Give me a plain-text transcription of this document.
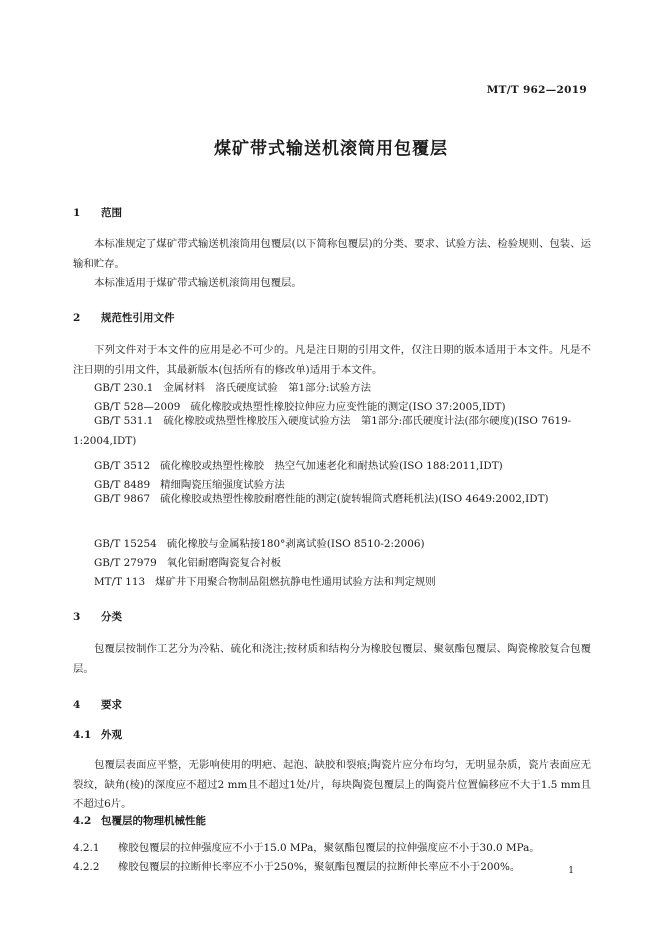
MT/T 962—2019
煤矿带式输送机滚筒用包覆层
1 范围
本标准规定了煤矿带式输送机滚筒用包覆层(以下简称包覆层)的分类、要求、试验方法、检验规则、包装、运输和贮存。
本标准适用于煤矿带式输送机滚筒用包覆层。
2 规范性引用文件
下列文件对于本文件的应用是必不可少的。凡是注日期的引用文件，仅注日期的版本适用于本文件。凡是不注日期的引用文件，其最新版本(包括所有的修改单)适用于本文件。
GB/T 230.1 金属材料　洛氏硬度试验　第1部分:试验方法
GB/T 528—2009 硫化橡胶或热塑性橡胶拉伸应力应变性能的测定(ISO 37:2005,IDT)
GB/T 531.1 硫化橡胶或热塑性橡胶压入硬度试验方法　第1部分:邵氏硬度计法(邵尔硬度)(ISO 7619-1:2004,IDT)
GB/T 3512 硫化橡胶或热塑性橡胶　热空气加速老化和耐热试验(ISO 188:2011,IDT)
GB/T 8489 精细陶瓷压缩强度试验方法
GB/T 9867 硫化橡胶或热塑性橡胶耐磨性能的测定(旋转辊筒式磨耗机法)(ISO 4649:2002,IDT)
GB/T 15254 硫化橡胶与金属粘接180°剥离试验(ISO 8510-2:2006)
GB/T 27979 氧化铝耐磨陶瓷复合衬板
MT/T 113 煤矿井下用聚合物制品阻燃抗静电性通用试验方法和判定规则
3 分类
包覆层按制作工艺分为冷粘、硫化和浇注;按材质和结构分为橡胶包覆层、聚氨酯包覆层、陶瓷橡胶复合包覆层。
4 要求
4.1 外观
包覆层表面应平整，无影响使用的明疤、起泡、缺胶和裂痕;陶瓷片应分布均匀，无明显杂质，瓷片表面应无裂纹，缺角(棱)的深度应不超过2 mm且不超过1处/片，每块陶瓷包覆层上的陶瓷片位置偏移应不大于1.5 mm且不超过6片。
4.2 包覆层的物理机械性能
4.2.1 橡胶包覆层的拉伸强度应不小于15.0 MPa，聚氨酯包覆层的拉伸强度应不小于30.0 MPa。
4.2.2 橡胶包覆层的拉断伸长率应不小于250%，聚氨酯包覆层的拉断伸长率应不小于200%。	1
